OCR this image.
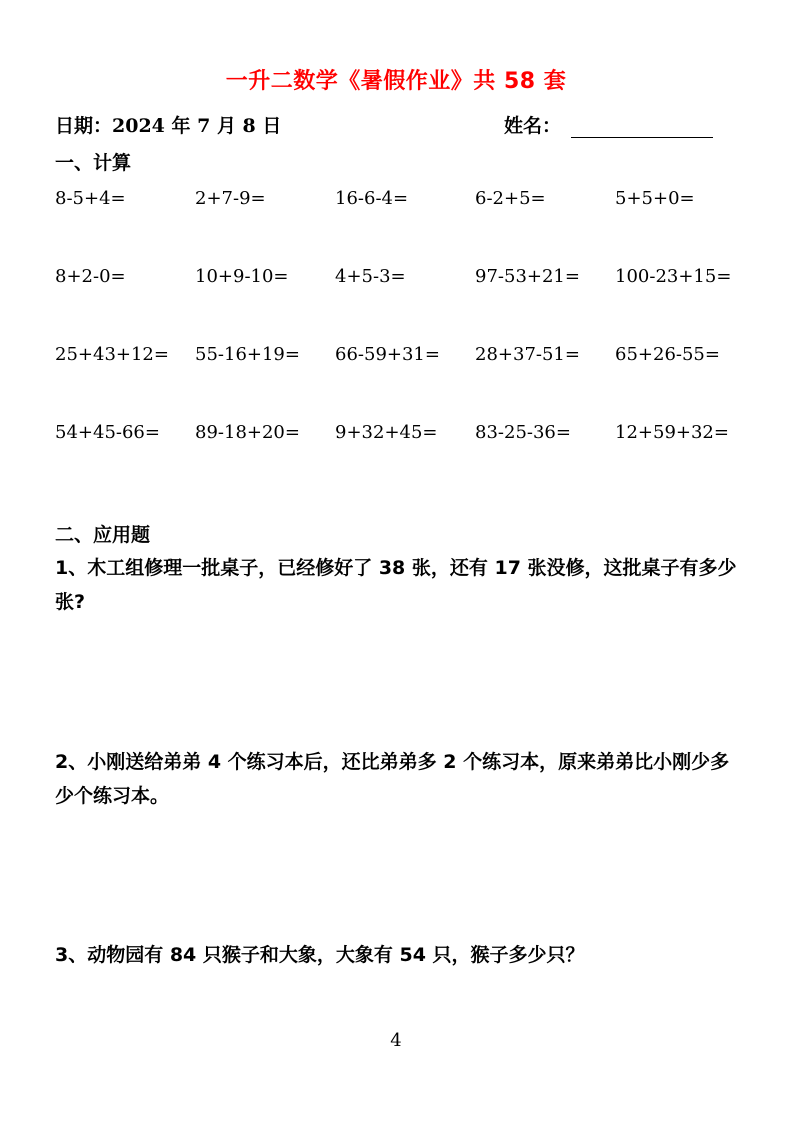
一升二数学《暑假作业》共 58 套
日期：2024 年 7 月 8 日	姓名：
一、计算
8-5+4=	2+7-9=	16-6-4=	6-2+5=	5+5+0=
8+2-0=	10+9-10=	4+5-3=	97-53+21=	100-23+15=
25+43+12=	55-16+19=	66-59+31=	28+37-51=	65+26-55=
54+45-66=	89-18+20=	9+32+45=	83-25-36=	12+59+32=
二、应用题
1、木工组修理一批桌子，已经修好了 38 张，还有 17 张没修，这批桌子有多少张?
2、小刚送给弟弟 4 个练习本后，还比弟弟多 2 个练习本，原来弟弟比小刚少多少个练习本。
3、动物园有 84 只猴子和大象，大象有 54 只，猴子多少只？
4
